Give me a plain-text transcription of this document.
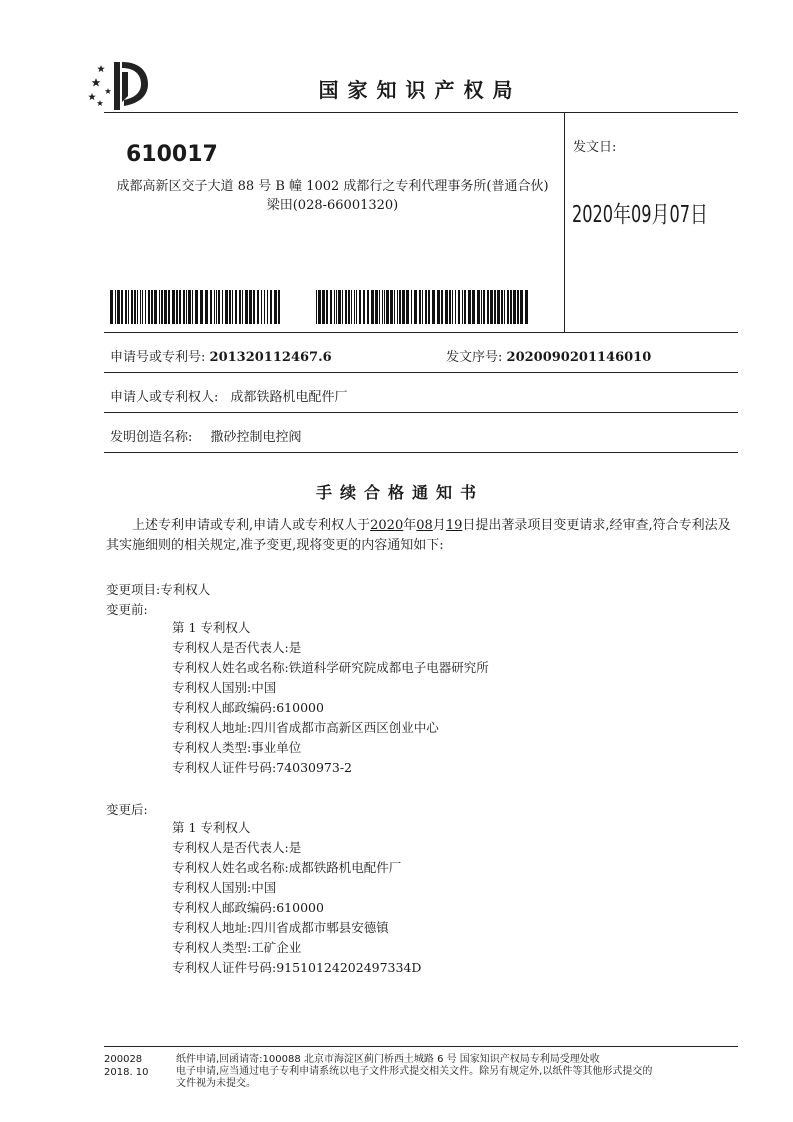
国家知识产权局
610017
成都高新区交子大道 88 号 B 幢 1002 成都行之专利代理事务所(普通合伙)
梁田(028-66001320)
发文日:
2020年09月07日
申请号或专利号: 201320112467.6	发文序号: 2020090201146010
申请人或专利权人: 成都铁路机电配件厂
发明创造名称: 撒砂控制电控阀
手续合格通知书
上述专利申请或专利,申请人或专利权人于2020年08月19日提出著录项目变更请求,经审查,符合专利法及其实施细则的相关规定,准予变更,现将变更的内容通知如下:
变更项目:专利权人
变更前:
第 1 专利权人
专利权人是否代表人:是
专利权人姓名或名称:铁道科学研究院成都电子电器研究所
专利权人国别:中国
专利权人邮政编码:610000
专利权人地址:四川省成都市高新区西区创业中心
专利权人类型:事业单位
专利权人证件号码:74030973-2
变更后:
第 1 专利权人
专利权人是否代表人:是
专利权人姓名或名称:成都铁路机电配件厂
专利权人国别:中国
专利权人邮政编码:610000
专利权人地址:四川省成都市郫县安德镇
专利权人类型:工矿企业
专利权人证件号码:91510124202497334D
200028
2018. 10
纸件申请,回函请寄:100088 北京市海淀区蓟门桥西土城路 6 号 国家知识产权局专利局受理处收
电子申请,应当通过电子专利申请系统以电子文件形式提交相关文件。除另有规定外,以纸件等其他形式提交的
文件视为未提交。
